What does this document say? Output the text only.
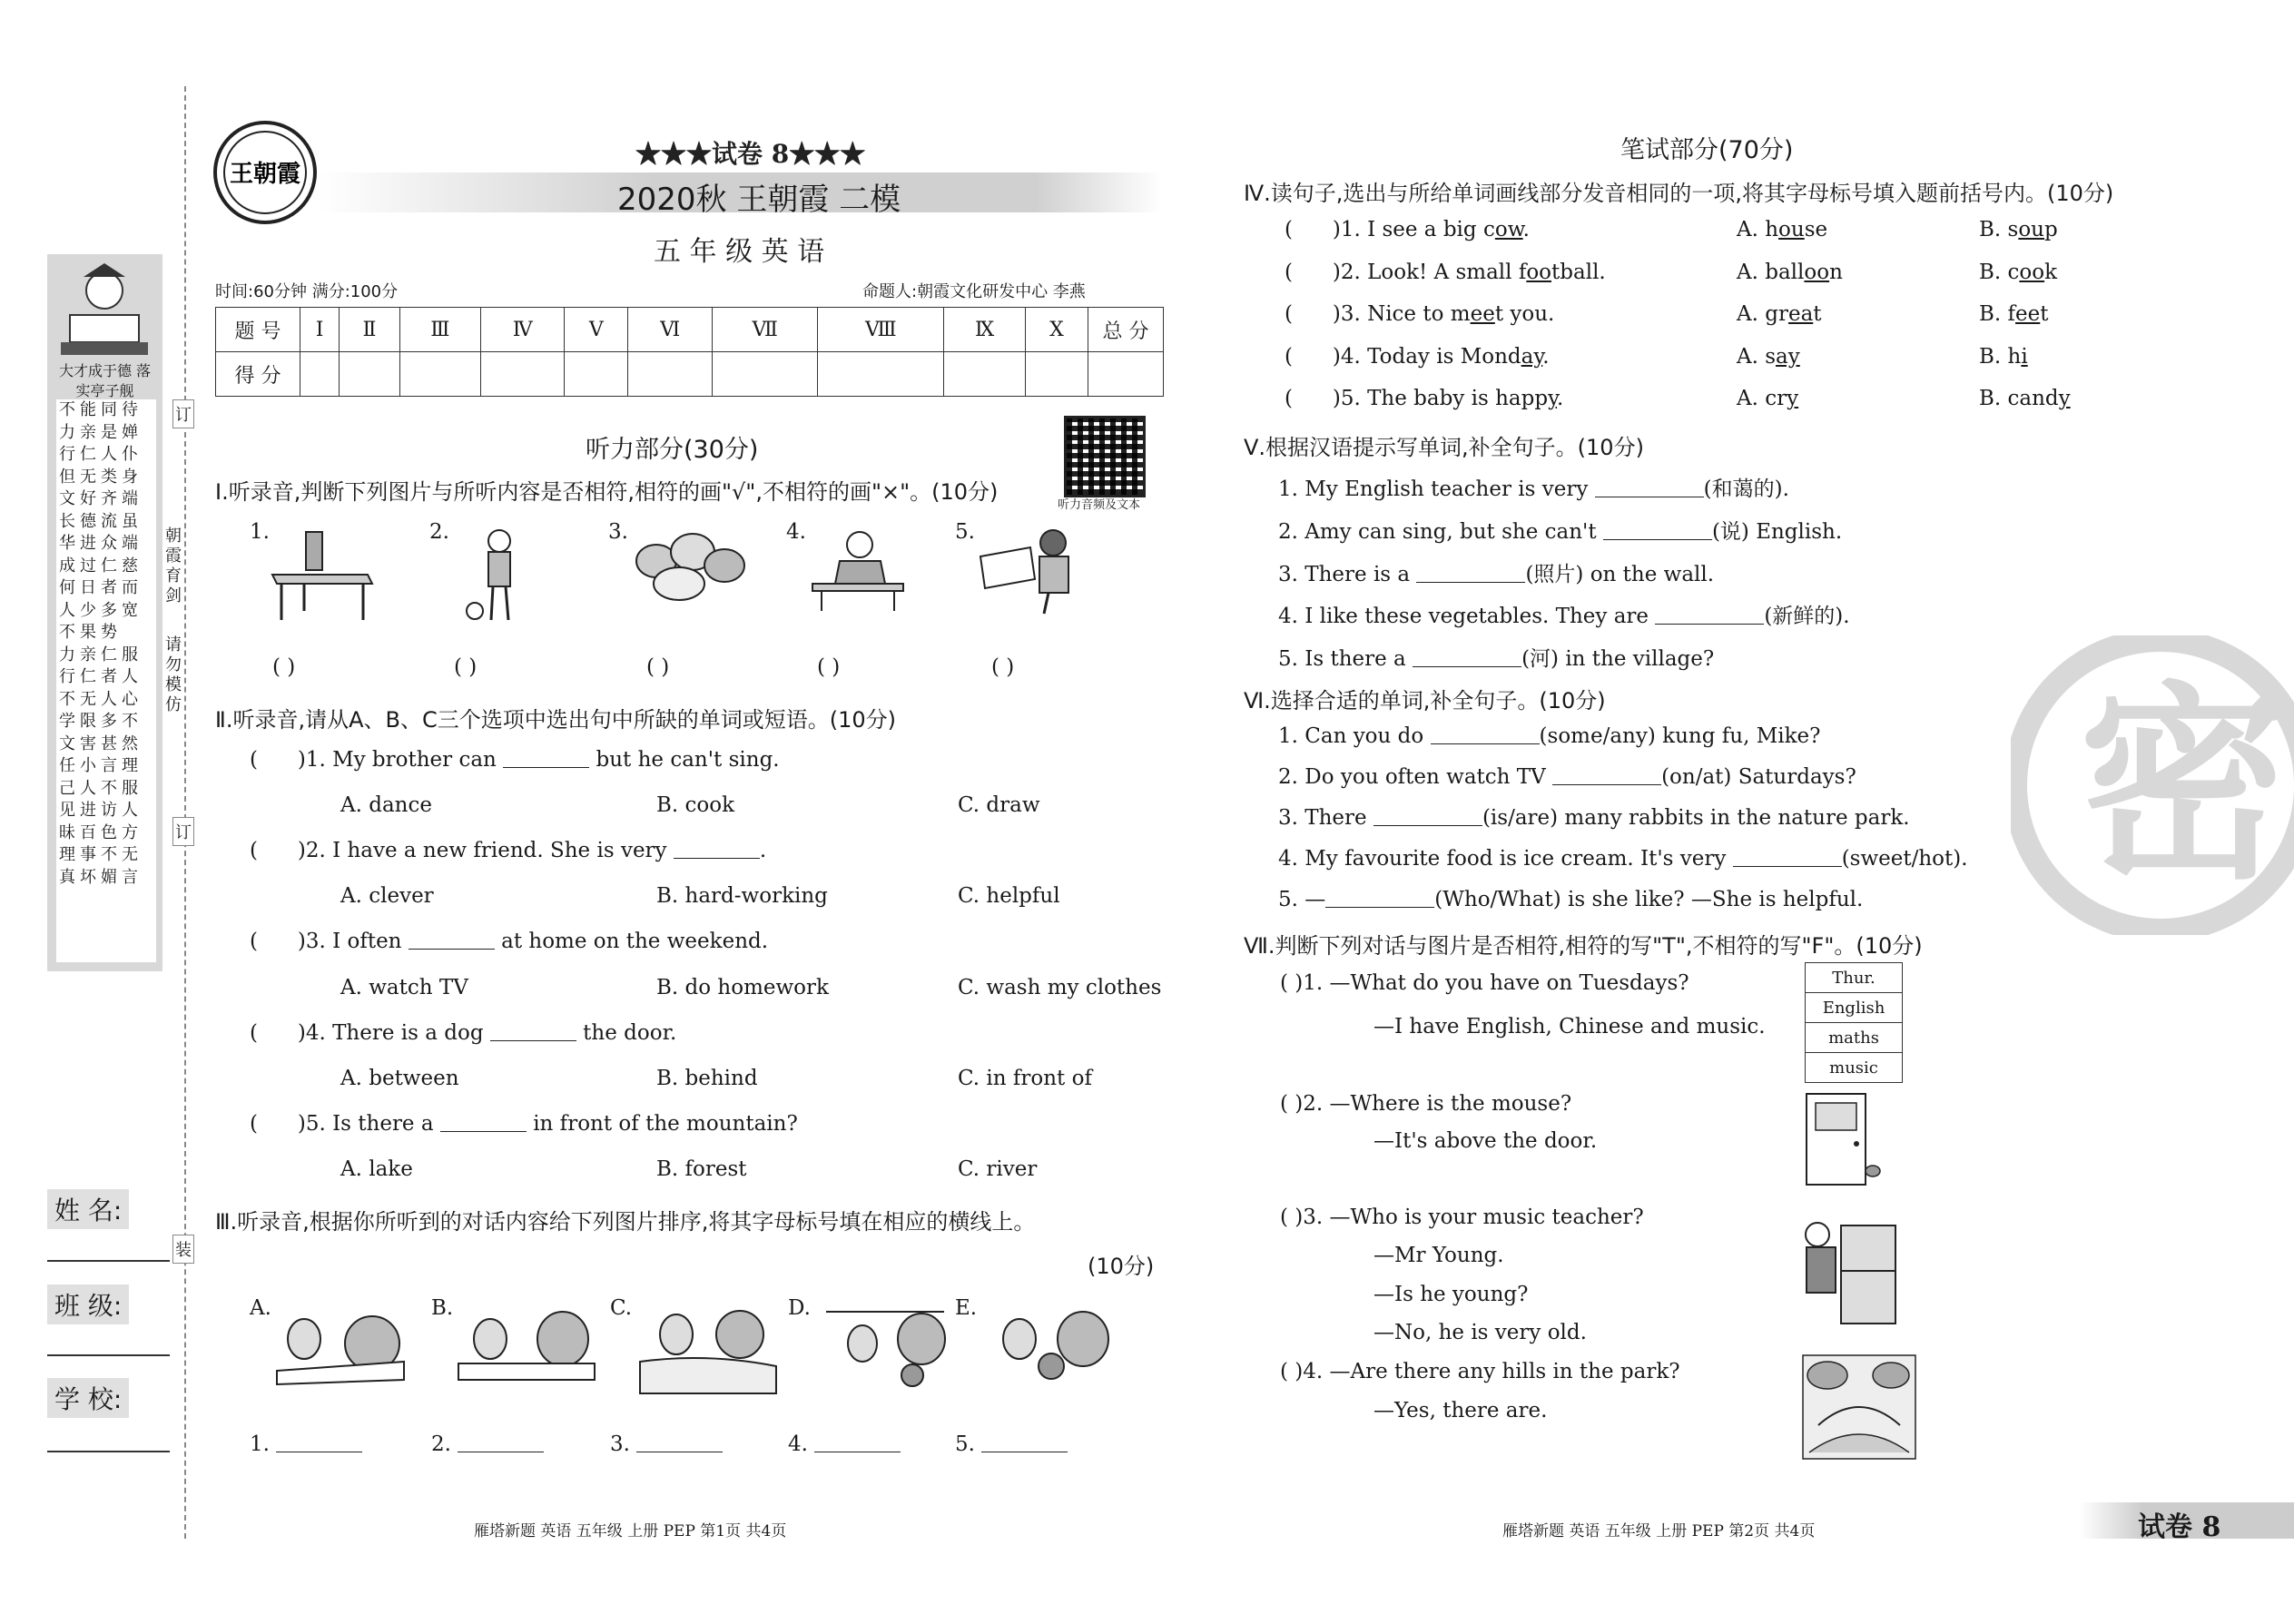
大才成于德 落实亭子舰
不能同待
力亲是婵
行仁人仆
但无类身
文好齐端
长德流虽
华进众端
成过仁慈
何日者而
人少多宽
不果势
力亲仁服
行仁者人
不无人心
学限多不
文害甚然
任小言理
己人不服
见进访人
昧百色方
理事不无
真坏媚言
订
朝霞育剑
请勿模仿
订
装
姓 名:
班 级:
学 校:
王朝霞
★★★试卷 8★★★
2020秋 王朝霞 二模
五 年 级 英 语
时间:60分钟 满分:100分	命题人:朝霞文化研发中心 李燕
题 号	Ⅰ	Ⅱ	Ⅲ	Ⅳ	Ⅴ	Ⅵ	Ⅶ	Ⅷ	Ⅸ	Ⅹ	总 分
得 分											
听力部分(30分)
听力音频及文本
Ⅰ.听录音,判断下列图片与所听内容是否相符,相符的画"√",不相符的画"×"。(10分)
1.	2.	3.	4.	5.
( )	( )	( )	( )	( )
Ⅱ.听录音,请从A、B、C三个选项中选出句中所缺的单词或短语。(10分)
(      )1. My brother can	but he can't sing.
A. dance	B. cook	C. draw
(      )2. I have a new friend. She is very	.
A. clever	B. hard-working	C. helpful
(      )3. I often	at home on the weekend.
A. watch TV	B. do homework	C. wash my clothes
(      )4. There is a dog	the door.
A. between	B. behind	C. in front of
(      )5. Is there a	in front of the mountain?
A. lake	B. forest	C. river
Ⅲ.听录音,根据你所听到的对话内容给下列图片排序,将其字母标号填在相应的横线上。
(10分)
A.	B.	C.	D.	E.
1.	2.	3.	4.	5.
雁塔新题 英语 五年级 上册 PEP 第1页 共4页
笔试部分(70分)
Ⅳ.读句子,选出与所给单词画线部分发音相同的一项,将其字母标号填入题前括号内。(10分)
(      )1. I see a big cow.	A. house	B. soup
(      )2. Look! A small football.	A. balloon	B. cook
(      )3. Nice to meet you.	A. great	B. feet
(      )4. Today is Monday.	A. say	B. hi
(      )5. The baby is happy.	A. cry	B. candy
Ⅴ.根据汉语提示写单词,补全句子。(10分)
1. My English teacher is very	(和蔼的).
2. Amy can sing, but she can't	(说) English.
3. There is a	(照片) on the wall.
4. I like these vegetables. They are	(新鲜的).
5. Is there a	(河) in the village?
Ⅵ.选择合适的单词,补全句子。(10分)
1. Can you do	(some/any) kung fu, Mike?
2. Do you often watch TV	(on/at) Saturdays?
3. There	(is/are) many rabbits in the nature park.
4. My favourite food is ice cream. It's very	(sweet/hot).
5. —	(Who/What) is she like? —She is helpful.
Ⅶ.判断下列对话与图片是否相符,相符的写"T",不相符的写"F"。(10分)
( )1. —What do you have on Tuesdays?
—I have English, Chinese and music.
Thur.
English
maths
music
( )2. —Where is the mouse?
—It's above the door.
( )3. —Who is your music teacher?
—Mr Young.
—Is he young?
—No, he is very old.
( )4. —Are there any hills in the park?
—Yes, there are.
密
雁塔新题 英语 五年级 上册 PEP 第2页 共4页	试卷 8
